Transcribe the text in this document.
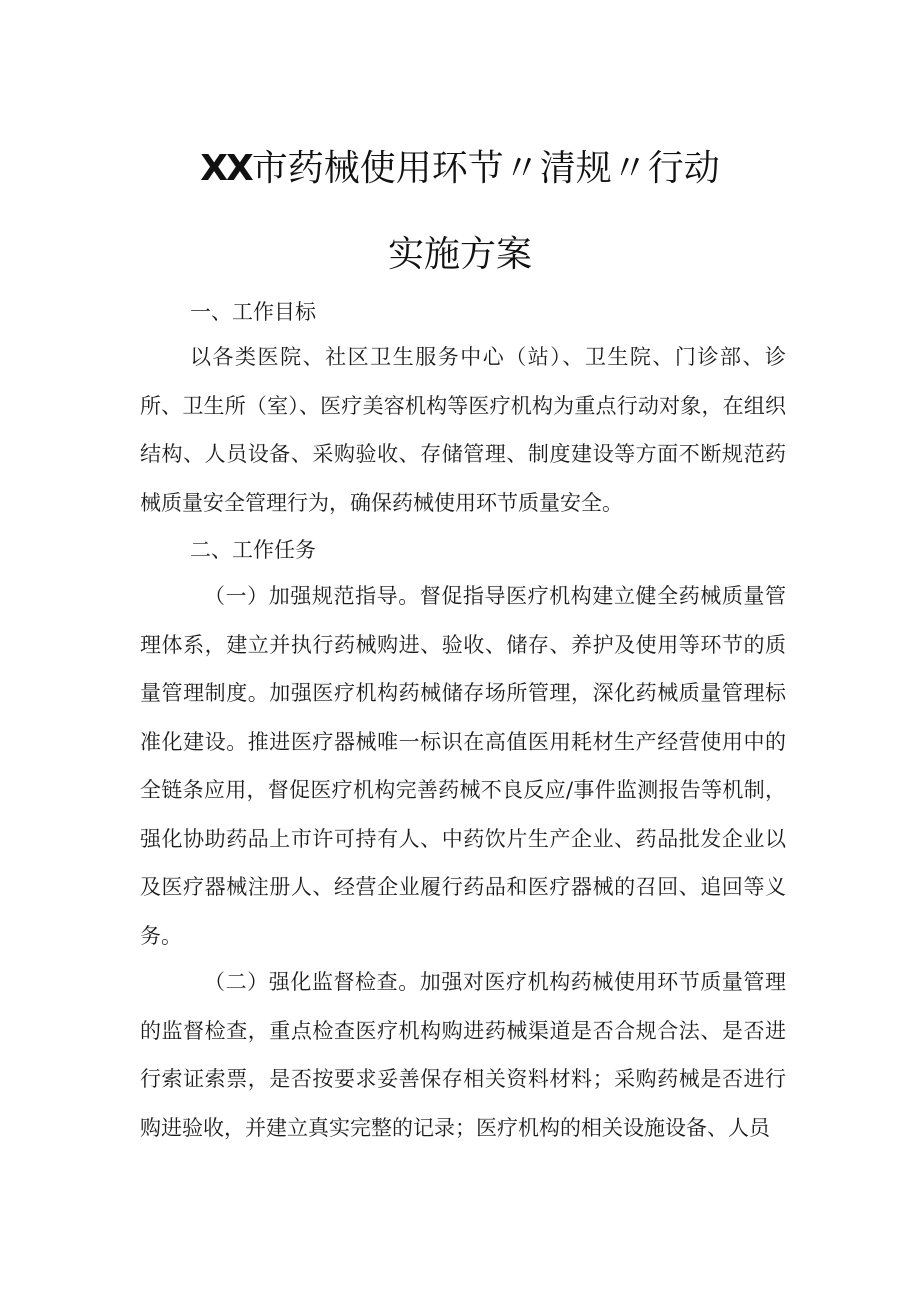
XX市药械使用环节〃清规〃行动
实施方案

一、工作目标

以各类医院、社区卫生服务中心（站）、卫生院、门诊部、诊所、卫生所（室）、医疗美容机构等医疗机构为重点行动对象，在组织结构、人员设备、采购验收、存储管理、制度建设等方面不断规范药械质量安全管理行为，确保药械使用环节质量安全。

二、工作任务

（一）加强规范指导。督促指导医疗机构建立健全药械质量管理体系，建立并执行药械购进、验收、储存、养护及使用等环节的质量管理制度。加强医疗机构药械储存场所管理，深化药械质量管理标准化建设。推进医疗器械唯一标识在高值医用耗材生产经营使用中的全链条应用，督促医疗机构完善药械不良反应/事件监测报告等机制，强化协助药品上市许可持有人、中药饮片生产企业、药品批发企业以及医疗器械注册人、经营企业履行药品和医疗器械的召回、追回等义务。

（二）强化监督检查。加强对医疗机构药械使用环节质量管理的监督检查，重点检查医疗机构购进药械渠道是否合规合法、是否进行索证索票，是否按要求妥善保存相关资料材料；采购药械是否进行购进验收，并建立真实完整的记录；医疗机构的相关设施设备、人员
